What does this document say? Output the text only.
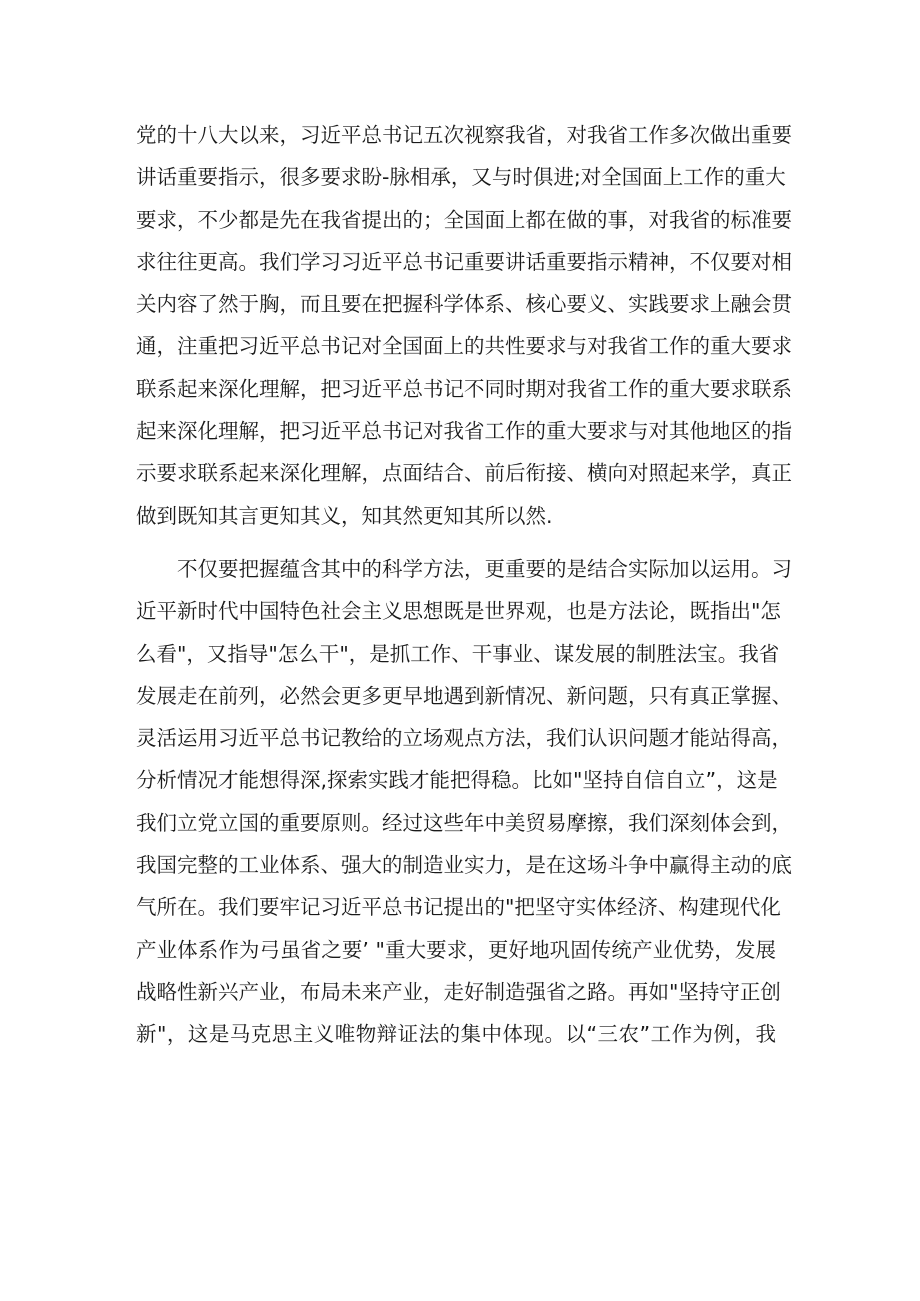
党的十八大以来，习近平总书记五次视察我省，对我省工作多次做出重要
讲话重要指示，很多要求盼-脉相承，又与时俱进;对全国面上工作的重大
要求，不少都是先在我省提出的；全国面上都在做的事，对我省的标准要
求往往更高。我们学习习近平总书记重要讲话重要指示精神，不仅要对相
关内容了然于胸，而且要在把握科学体系、核心要义、实践要求上融会贯
通，注重把习近平总书记对全国面上的共性要求与对我省工作的重大要求
联系起来深化理解，把习近平总书记不同时期对我省工作的重大要求联系
起来深化理解，把习近平总书记对我省工作的重大要求与对其他地区的指
示要求联系起来深化理解，点面结合、前后衔接、横向对照起来学，真正
做到既知其言更知其义，知其然更知其所以然.
不仅要把握蕴含其中的科学方法，更重要的是结合实际加以运用。习
近平新时代中国特色社会主义思想既是世界观，也是方法论，既指出"怎
么看"，又指导"怎么干"，是抓工作、干事业、谋发展的制胜法宝。我省
发展走在前列，必然会更多更早地遇到新情况、新问题，只有真正掌握、
灵活运用习近平总书记教给的立场观点方法，我们认识问题才能站得高，
分析情况才能想得深,探索实践才能把得稳。比如"坚持自信自立”，这是
我们立党立国的重要原则。经过这些年中美贸易摩擦，我们深刻体会到，
我国完整的工业体系、强大的制造业实力，是在这场斗争中赢得主动的底
气所在。我们要牢记习近平总书记提出的"把坚守实体经济、构建现代化
产业体系作为弓虽省之要’ "重大要求，更好地巩固传统产业优势，发展
战略性新兴产业，布局未来产业，走好制造强省之路。再如"坚持守正创
新"，这是马克思主义唯物辩证法的集中体现。以“三农”工作为例，我
